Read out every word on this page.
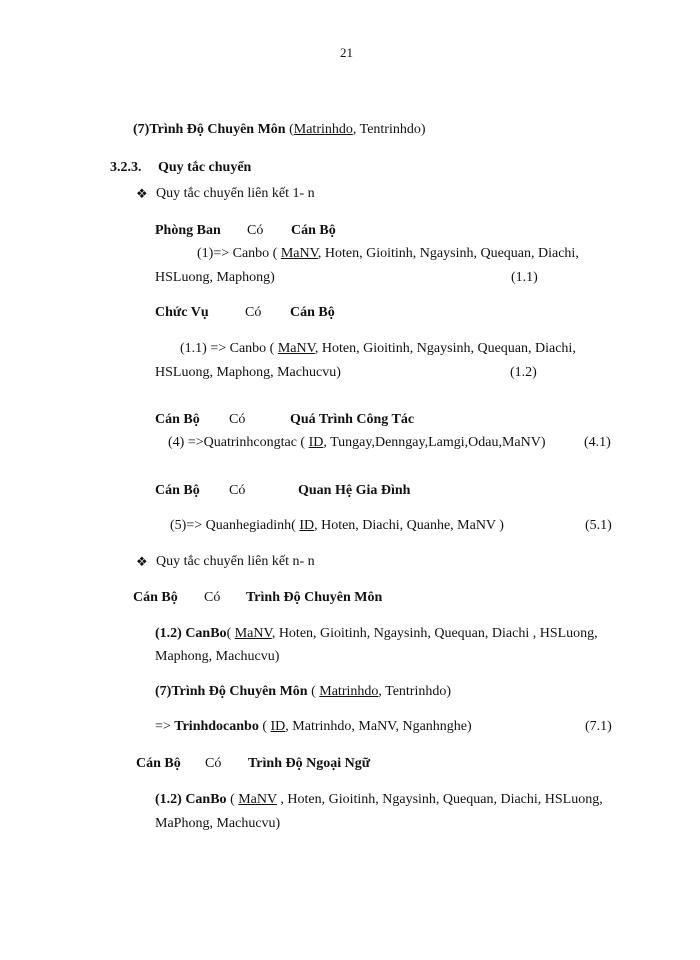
21
(7)Trình Độ Chuyên Môn (Matrinhdo, Tentrinhdo)
3.2.3. Quy tắc chuyển
❖ Quy tắc chuyển liên kết 1- n
Phòng Ban Có Cán Bộ
(1)=> Canbo ( MaNV, Hoten, Gioitinh, Ngaysinh, Quequan, Diachi,
HSLuong, Maphong)	(1.1)
Chức Vụ	Có Cán Bộ
(1.1) => Canbo ( MaNV, Hoten, Gioitinh, Ngaysinh, Quequan, Diachi,
HSLuong, Maphong, Machucvu)	(1.2)
Cán Bộ Có	Quá Trình Công Tác
(4) =>Quatrinhcongtac ( ID, Tungay,Denngay,Lamgi,Odau,MaNV)	(4.1)
Cán Bộ Có	Quan Hệ Gia Đình
(5)=> Quanhegiadinh( ID, Hoten, Diachi, Quanhe, MaNV )	(5.1)
❖ Quy tắc chuyển liên kết n- n
Cán Bộ Có Trình Độ Chuyên Môn
(1.2) CanBo( MaNV, Hoten, Gioitinh, Ngaysinh, Quequan, Diachi , HSLuong,
Maphong, Machucvu)
(7)Trình Độ Chuyên Môn ( Matrinhdo, Tentrinhdo)
=> Trinhdocanbo ( ID, Matrinhdo, MaNV, Nganhnghe)	(7.1)
Cán Bộ Có Trình Độ Ngoại Ngữ
(1.2) CanBo ( MaNV , Hoten, Gioitinh, Ngaysinh, Quequan, Diachi, HSLuong,
MaPhong, Machucvu)
